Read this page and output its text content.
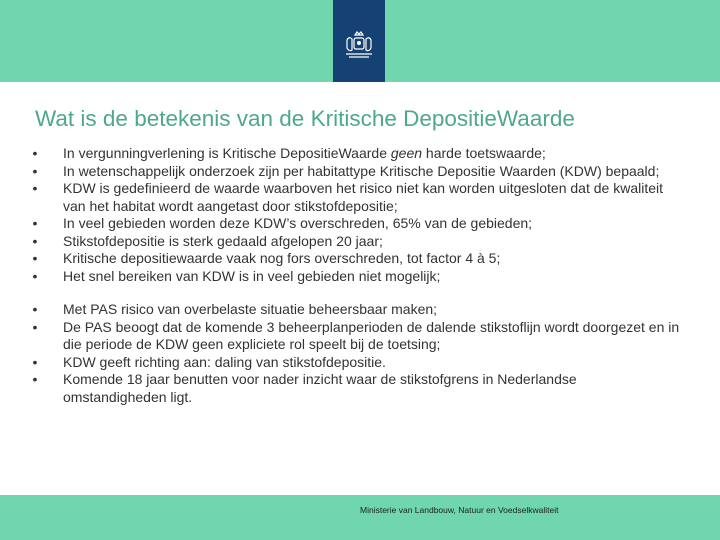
Wat is de betekenis van de Kritische DepositieWaarde
• In vergunningverlening is Kritische DepositieWaarde geen harde toetswaarde;
• In wetenschappelijk onderzoek zijn per habitattype Kritische Depositie Waarden (KDW) bepaald;
• KDW is gedefinieerd de waarde waarboven het risico niet kan worden uitgesloten dat de kwaliteit van het habitat wordt aangetast door stikstofdepositie;
• In veel gebieden worden deze KDW’s overschreden, 65% van de gebieden;
• Stikstofdepositie is sterk gedaald afgelopen 20 jaar;
• Kritische depositiewaarde vaak nog fors overschreden, tot factor 4 à 5;
• Het snel bereiken van KDW is in veel gebieden niet mogelijk;
• Met PAS risico van overbelaste situatie beheersbaar maken;
• De PAS beoogt dat de komende 3 beheerplanperioden de dalende stikstoflijn wordt doorgezet en in die periode de KDW geen expliciete rol speelt bij de toetsing;
• KDW geeft richting aan: daling van stikstofdepositie.
• Komende 18 jaar benutten voor nader inzicht waar de stikstofgrens in Nederlandse omstandigheden ligt.
Ministerie van Landbouw, Natuur en Voedselkwaliteit
